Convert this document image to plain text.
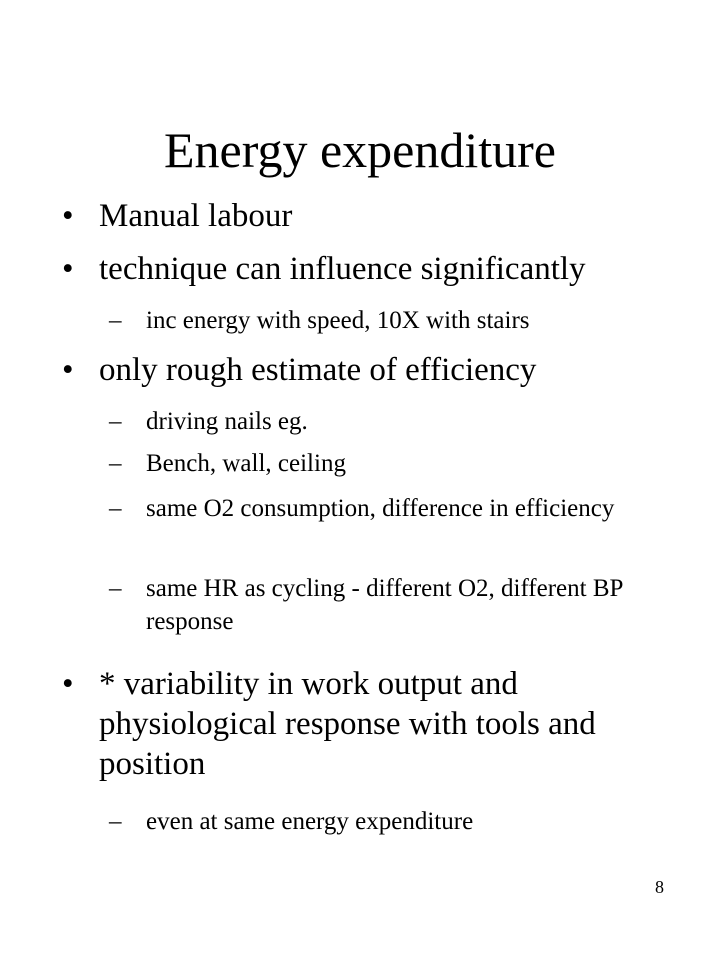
Energy expenditure
• Manual labour
• technique can influence significantly
– inc energy with speed, 10X with stairs
• only rough estimate of efficiency
– driving nails eg.
– Bench, wall, ceiling
– same O2 consumption, difference in efficiency
– same HR as cycling - different O2, different BP response
• * variability in work output and physiological response with tools and position
– even at same energy expenditure
8
